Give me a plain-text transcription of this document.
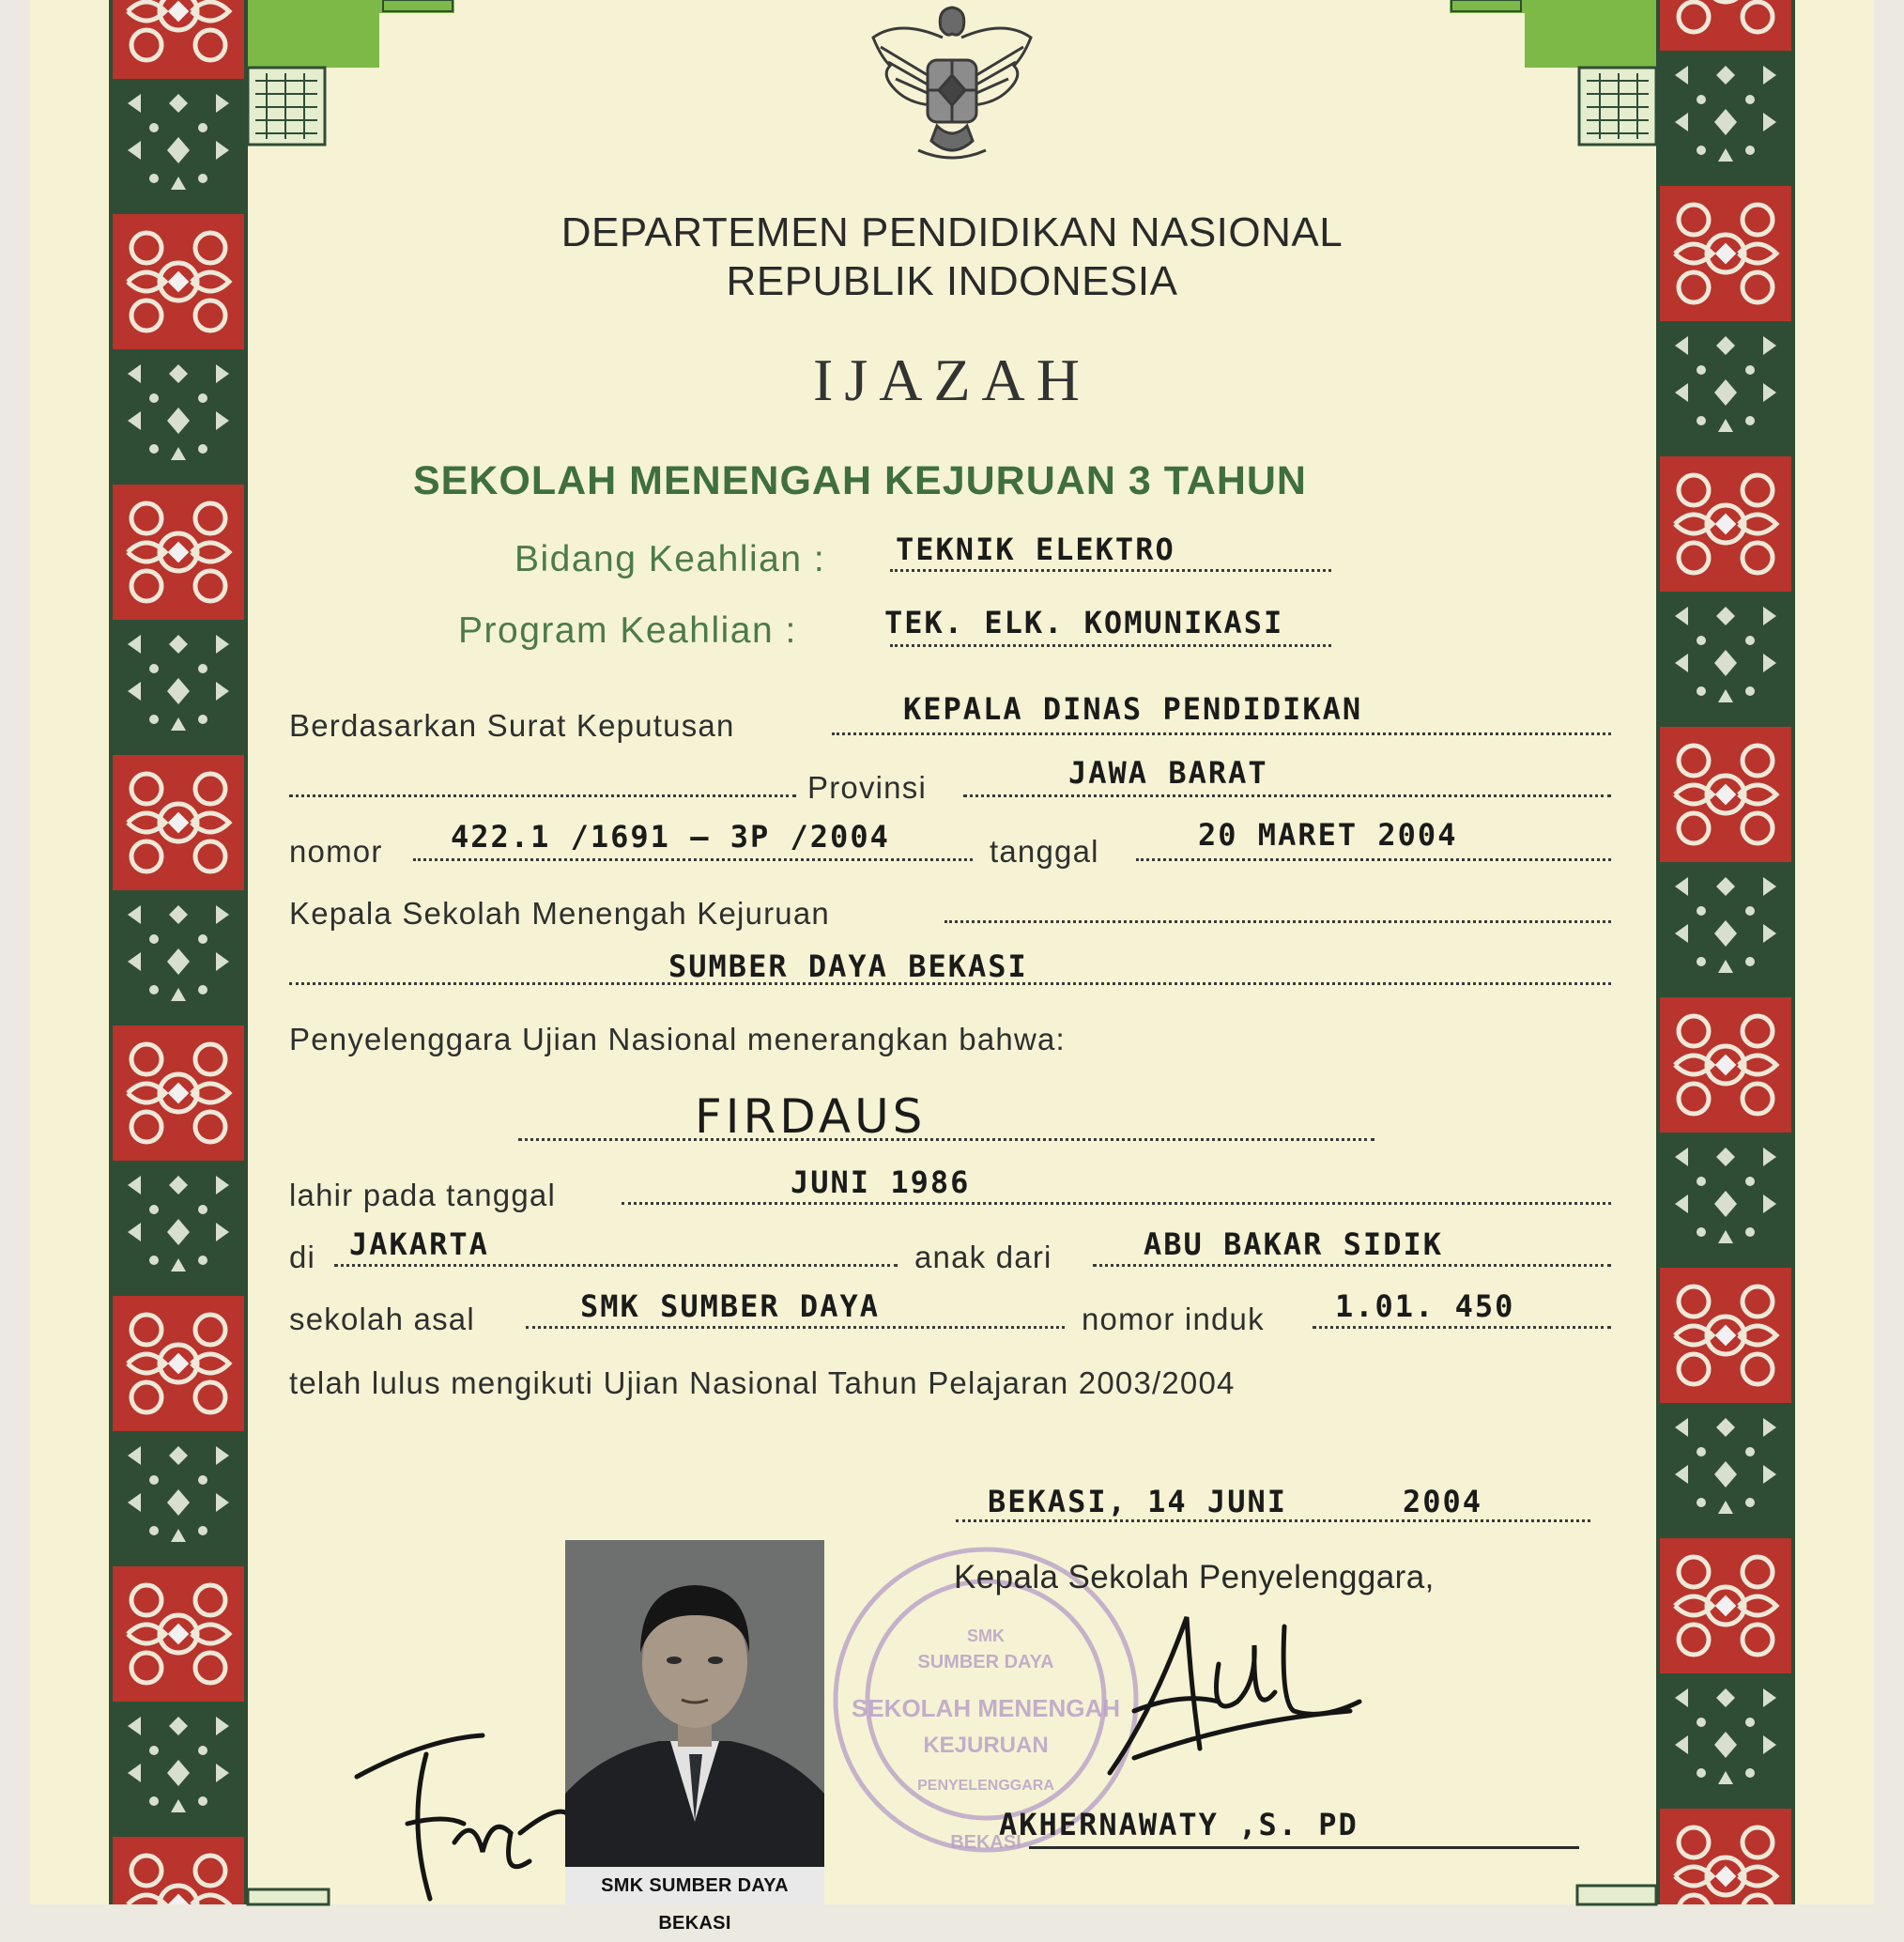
DEPARTEMEN PENDIDIKAN NASIONAL
REPUBLIK INDONESIA
IJAZAH
SEKOLAH MENENGAH KEJURUAN 3 TAHUN
Bidang Keahlian : TEKNIK ELEKTRO
Program Keahlian :	TEK. ELK. KOMUNIKASI
Berdasarkan Surat Keputusan	KEPALA DINAS PENDIDIKAN
Provinsi	JAWA BARAT
nomor 422.1 /1691 – 3P /2004	tanggal	20 MARET 2004
Kepala Sekolah Menengah Kejuruan
SUMBER DAYA BEKASI
Penyelenggara Ujian Nasional menerangkan bahwa:
FIRDAUS
lahir pada tanggal	JUNI 1986
di JAKARTA	anak dari	ABU BAKAR SIDIK
sekolah asal	SMK SUMBER DAYA	nomor induk 1.01. 450
telah lulus mengikuti Ujian Nasional Tahun Pelajaran 2003/2004
BEKASI, 14 JUNI	2004
SMK
SUMBER DAYA
SEKOLAH MENENGAH
KEJURUAN
PENYELENGGARA
BEKASI
Kepala Sekolah Penyelenggara,
AKHERNAWATY ,S. PD
SMK SUMBER DAYA BEKASI
